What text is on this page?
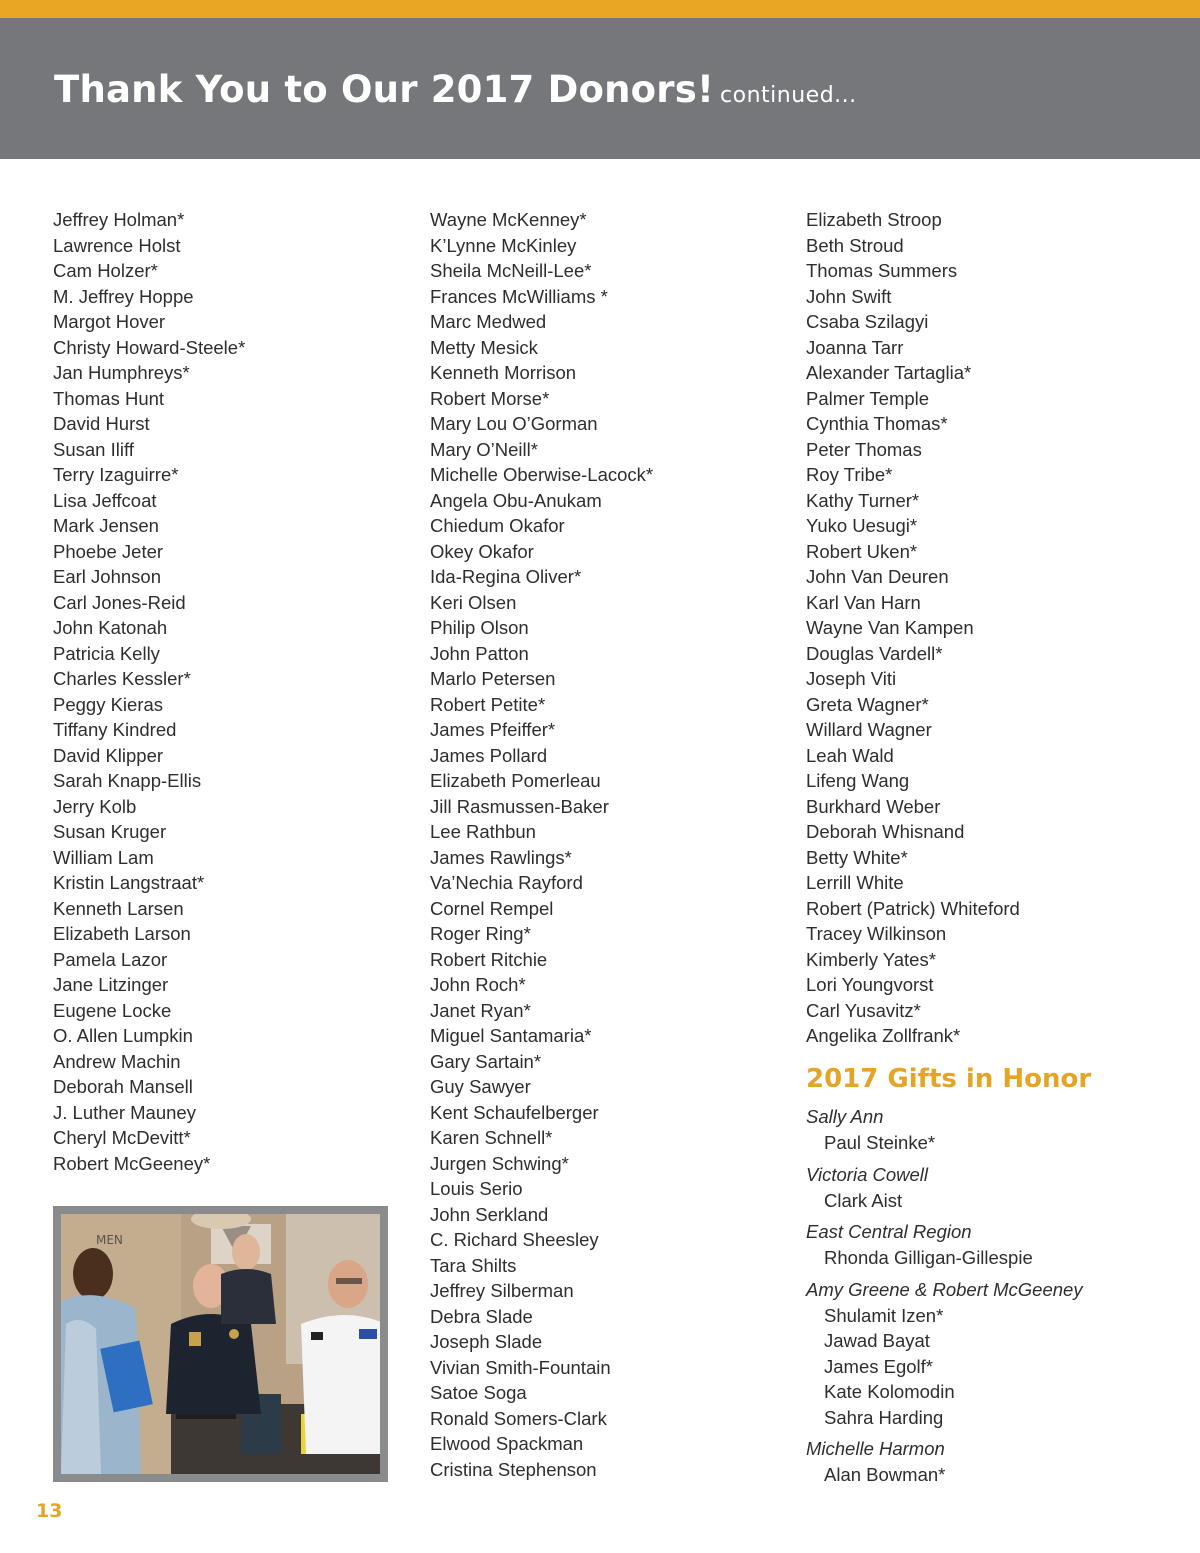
Thank You to Our 2017 Donors! continued...
Jeffrey Holman*
Lawrence Holst
Cam Holzer*
M. Jeffrey Hoppe
Margot Hover
Christy Howard-Steele*
Jan Humphreys*
Thomas Hunt
David Hurst
Susan Iliff
Terry Izaguirre*
Lisa Jeffcoat
Mark Jensen
Phoebe Jeter
Earl Johnson
Carl Jones-Reid
John Katonah
Patricia Kelly
Charles Kessler*
Peggy Kieras
Tiffany Kindred
David Klipper
Sarah Knapp-Ellis
Jerry Kolb
Susan Kruger
William Lam
Kristin Langstraat*
Kenneth Larsen
Elizabeth Larson
Pamela Lazor
Jane Litzinger
Eugene Locke
O. Allen Lumpkin
Andrew Machin
Deborah Mansell
J. Luther Mauney
Cheryl McDevitt*
Robert McGeeney*
Wayne McKenney*
K’Lynne McKinley
Sheila McNeill-Lee*
Frances McWilliams *
Marc Medwed
Metty Mesick
Kenneth Morrison
Robert Morse*
Mary Lou O’Gorman
Mary O’Neill*
Michelle Oberwise-Lacock*
Angela Obu-Anukam
Chiedum Okafor
Okey Okafor
Ida-Regina Oliver*
Keri Olsen
Philip Olson
John Patton
Marlo Petersen
Robert Petite*
James Pfeiffer*
James Pollard
Elizabeth Pomerleau
Jill Rasmussen-Baker
Lee Rathbun
James Rawlings*
Va’Nechia Rayford
Cornel Rempel
Roger Ring*
Robert Ritchie
John Roch*
Janet Ryan*
Miguel Santamaria*
Gary Sartain*
Guy Sawyer
Kent Schaufelberger
Karen Schnell*
Jurgen Schwing*
Louis Serio
John Serkland
C. Richard Sheesley
Tara Shilts
Jeffrey Silberman
Debra Slade
Joseph Slade
Vivian Smith-Fountain
Satoe Soga
Ronald Somers-Clark
Elwood Spackman
Cristina Stephenson
Elizabeth Stroop
Beth Stroud
Thomas Summers
John Swift
Csaba Szilagyi
Joanna Tarr
Alexander Tartaglia*
Palmer Temple
Cynthia Thomas*
Peter Thomas
Roy Tribe*
Kathy Turner*
Yuko Uesugi*
Robert Uken*
John Van Deuren
Karl Van Harn
Wayne Van Kampen
Douglas Vardell*
Joseph Viti
Greta Wagner*
Willard Wagner
Leah Wald
Lifeng Wang
Burkhard Weber
Deborah Whisnand
Betty White*
Lerrill White
Robert (Patrick) Whiteford
Tracey Wilkinson
Kimberly Yates*
Lori Youngvorst
Carl Yusavitz*
Angelika Zollfrank*
2017 Gifts in Honor
Sally Ann
Paul Steinke*
Victoria Cowell
Clark Aist
East Central Region
Rhonda Gilligan-Gillespie
Amy Greene & Robert McGeeney
Shulamit Izen*
Jawad Bayat
James Egolf*
Kate Kolomodin
Sahra Harding
Michelle Harmon
Alan Bowman*
MEN

13
